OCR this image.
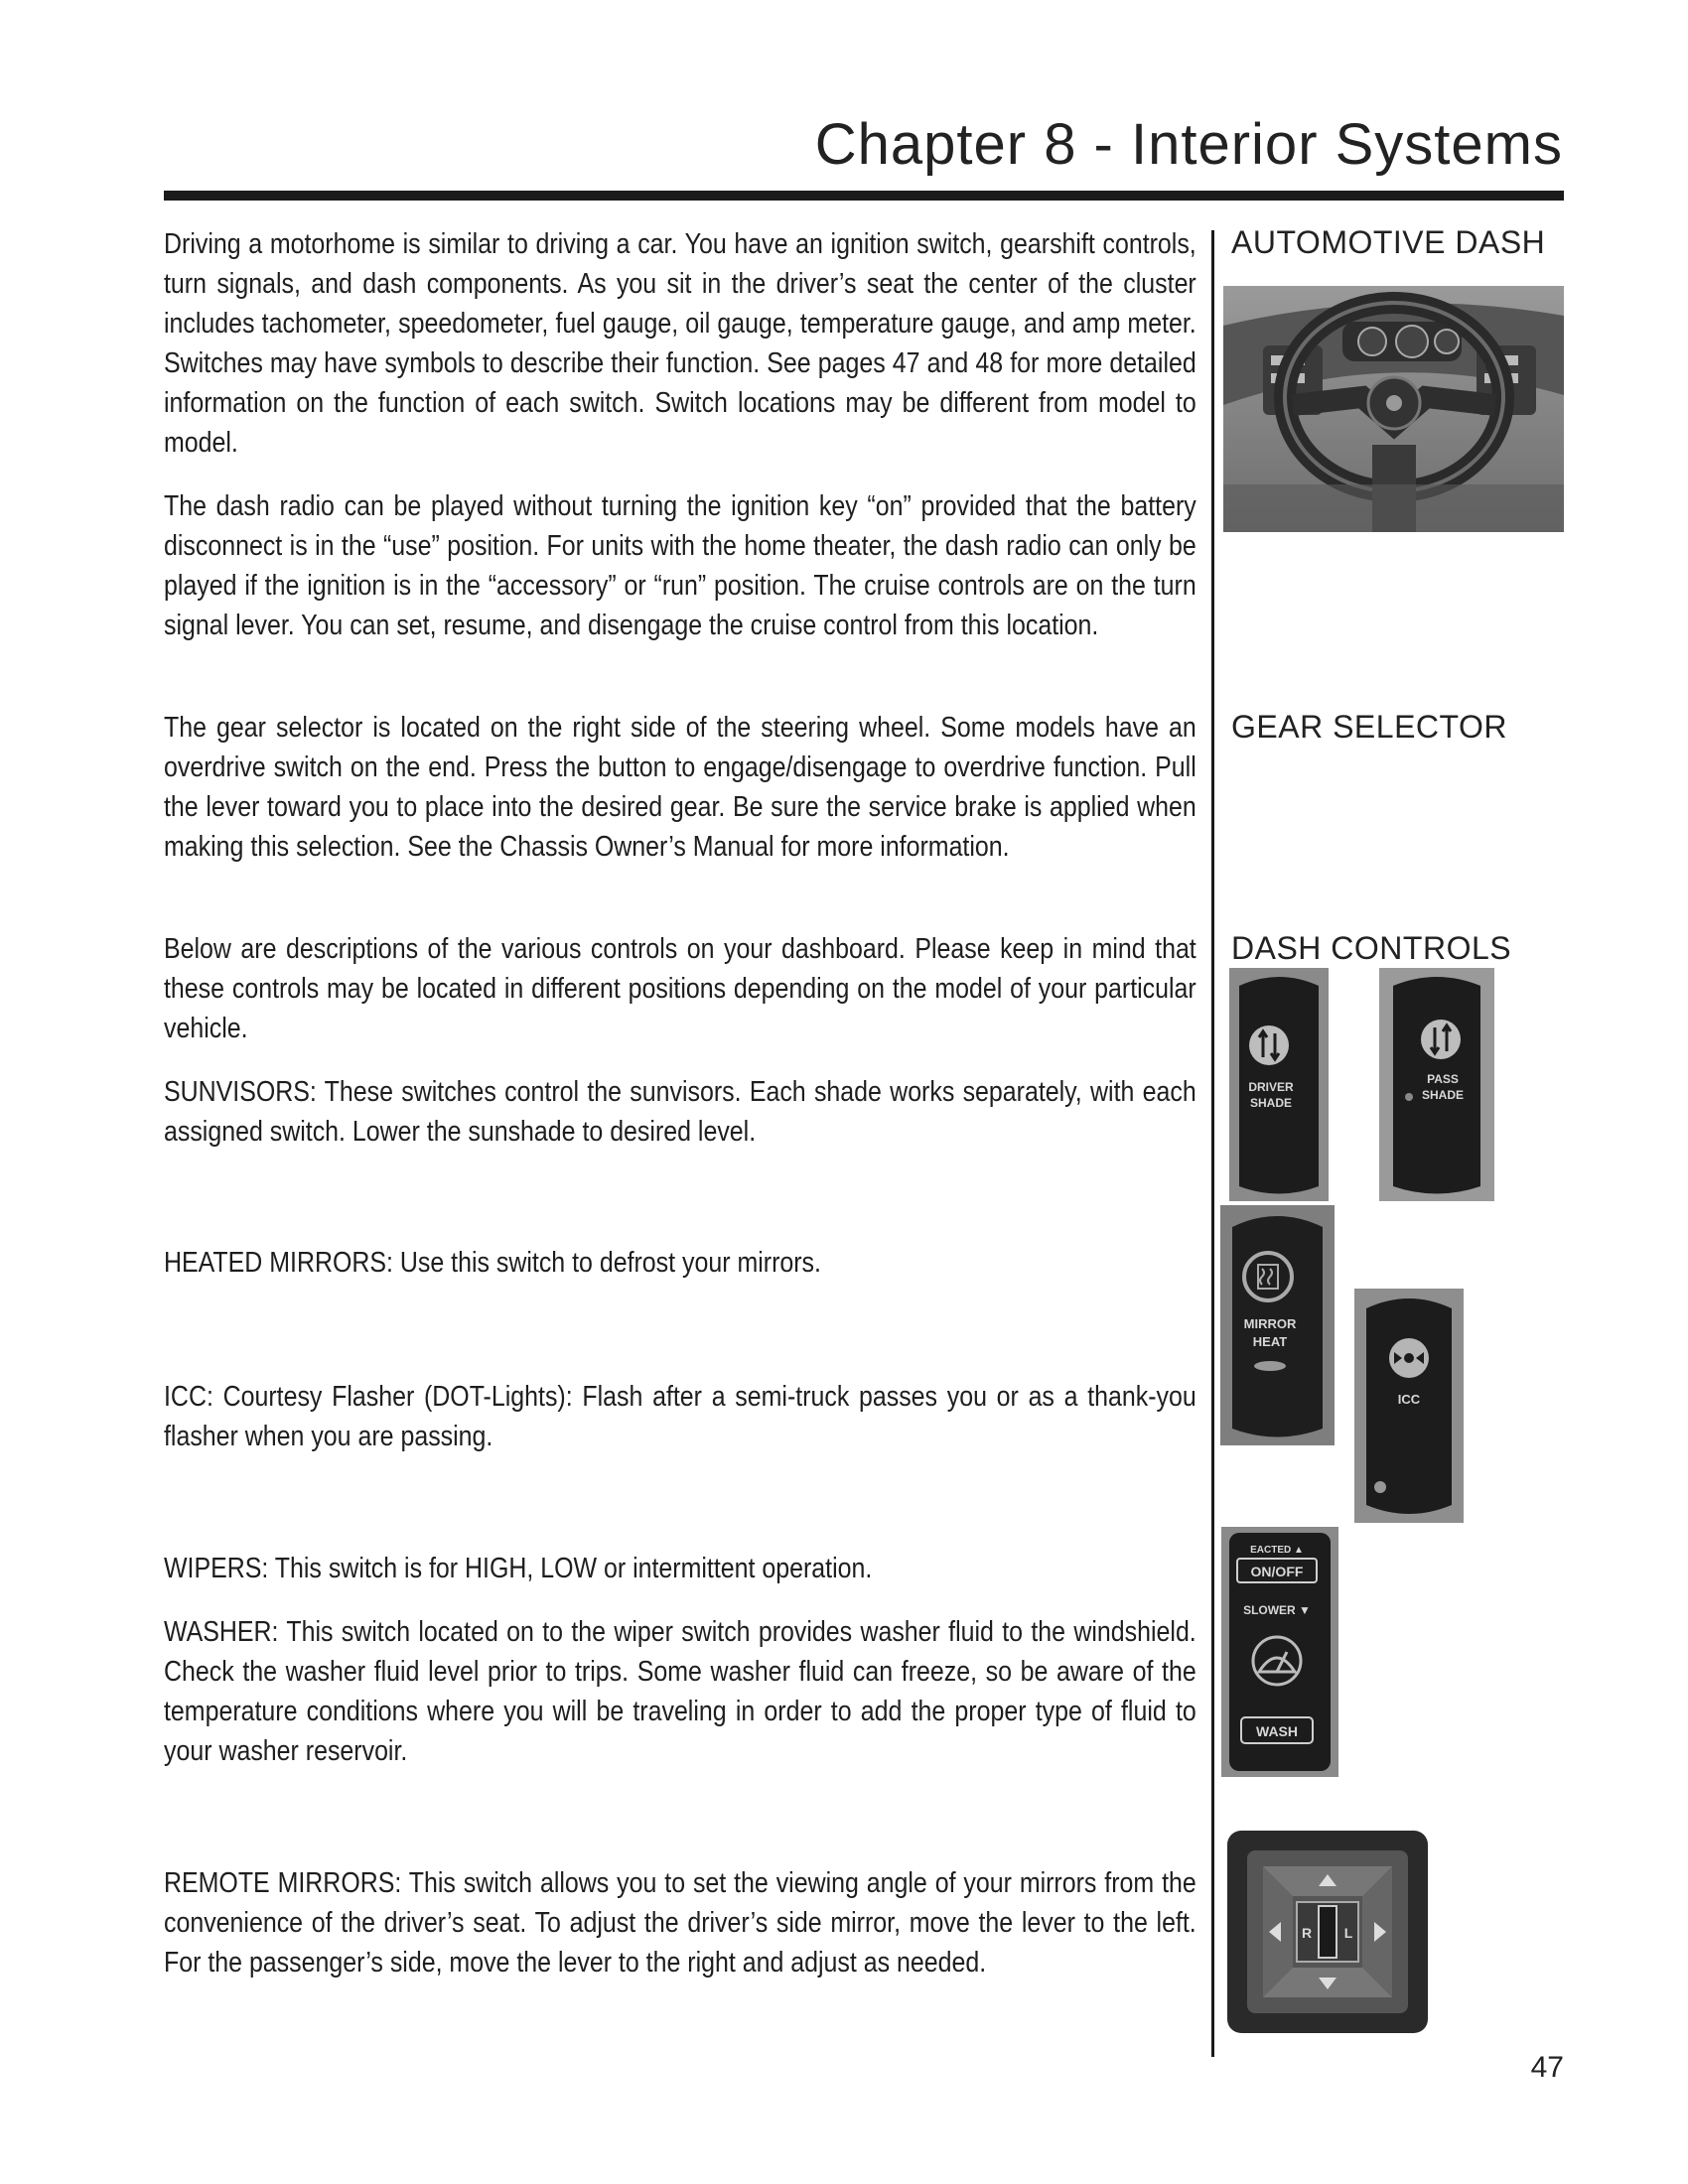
Chapter 8 - Interior Systems

Driving a motorhome is similar to driving a car. You have an ignition switch, gearshift controls, turn signals, and dash components. As you sit in the driver’s seat the center of the cluster includes tachometer, speedometer, fuel gauge, oil gauge, temperature gauge, and amp meter. Switches may have symbols to describe their function. See pages 47 and 48 for more detailed information on the function of each switch. Switch locations may be different from model to model.

The dash radio can be played without turning the ignition key “on” provided that the battery disconnect is in the “use” position. For units with the home theater, the dash radio can only be played if the ignition is in the “accessory” or “run” position. The cruise controls are on the turn signal lever. You can set, resume, and disengage the cruise control from this location.

The gear selector is located on the right side of the steering wheel. Some models have an overdrive switch on the end. Press the button to engage/disengage to overdrive function. Pull the lever toward you to place into the desired gear. Be sure the service brake is applied when making this selection. See the Chassis Owner’s Manual for more information.

Below are descriptions of the various controls on your dashboard. Please keep in mind that these controls may be located in different positions depending on the model of your particular vehicle.

SUNVISORS: These switches control the sunvisors. Each shade works separately, with each assigned switch. Lower the sunshade to desired level.

HEATED MIRRORS: Use this switch to defrost your mirrors.

ICC: Courtesy Flasher (DOT-Lights): Flash after a semi-truck passes you or as a thank-you flasher when you are passing.

WIPERS: This switch is for HIGH, LOW or intermittent operation.

WASHER: This switch located on to the wiper switch provides washer fluid to the windshield. Check the washer fluid level prior to trips. Some washer fluid can freeze, so be aware of the temperature conditions where you will be traveling in order to add the proper type of fluid to your washer reservoir.

REMOTE MIRRORS: This switch allows you to set the viewing angle of your mirrors from the convenience of the driver’s seat. To adjust the driver’s side mirror, move the lever to the left. For the passenger’s side, move the lever to the right and adjust as needed.

AUTOMOTIVE DASH
GEAR SELECTOR
DASH CONTROLS
DRIVER
SHADE
PASS
SHADE
MIRROR
HEAT
ICC
EACTED ▲
ON/OFF
SLOWER ▼
WASH
R L
47
